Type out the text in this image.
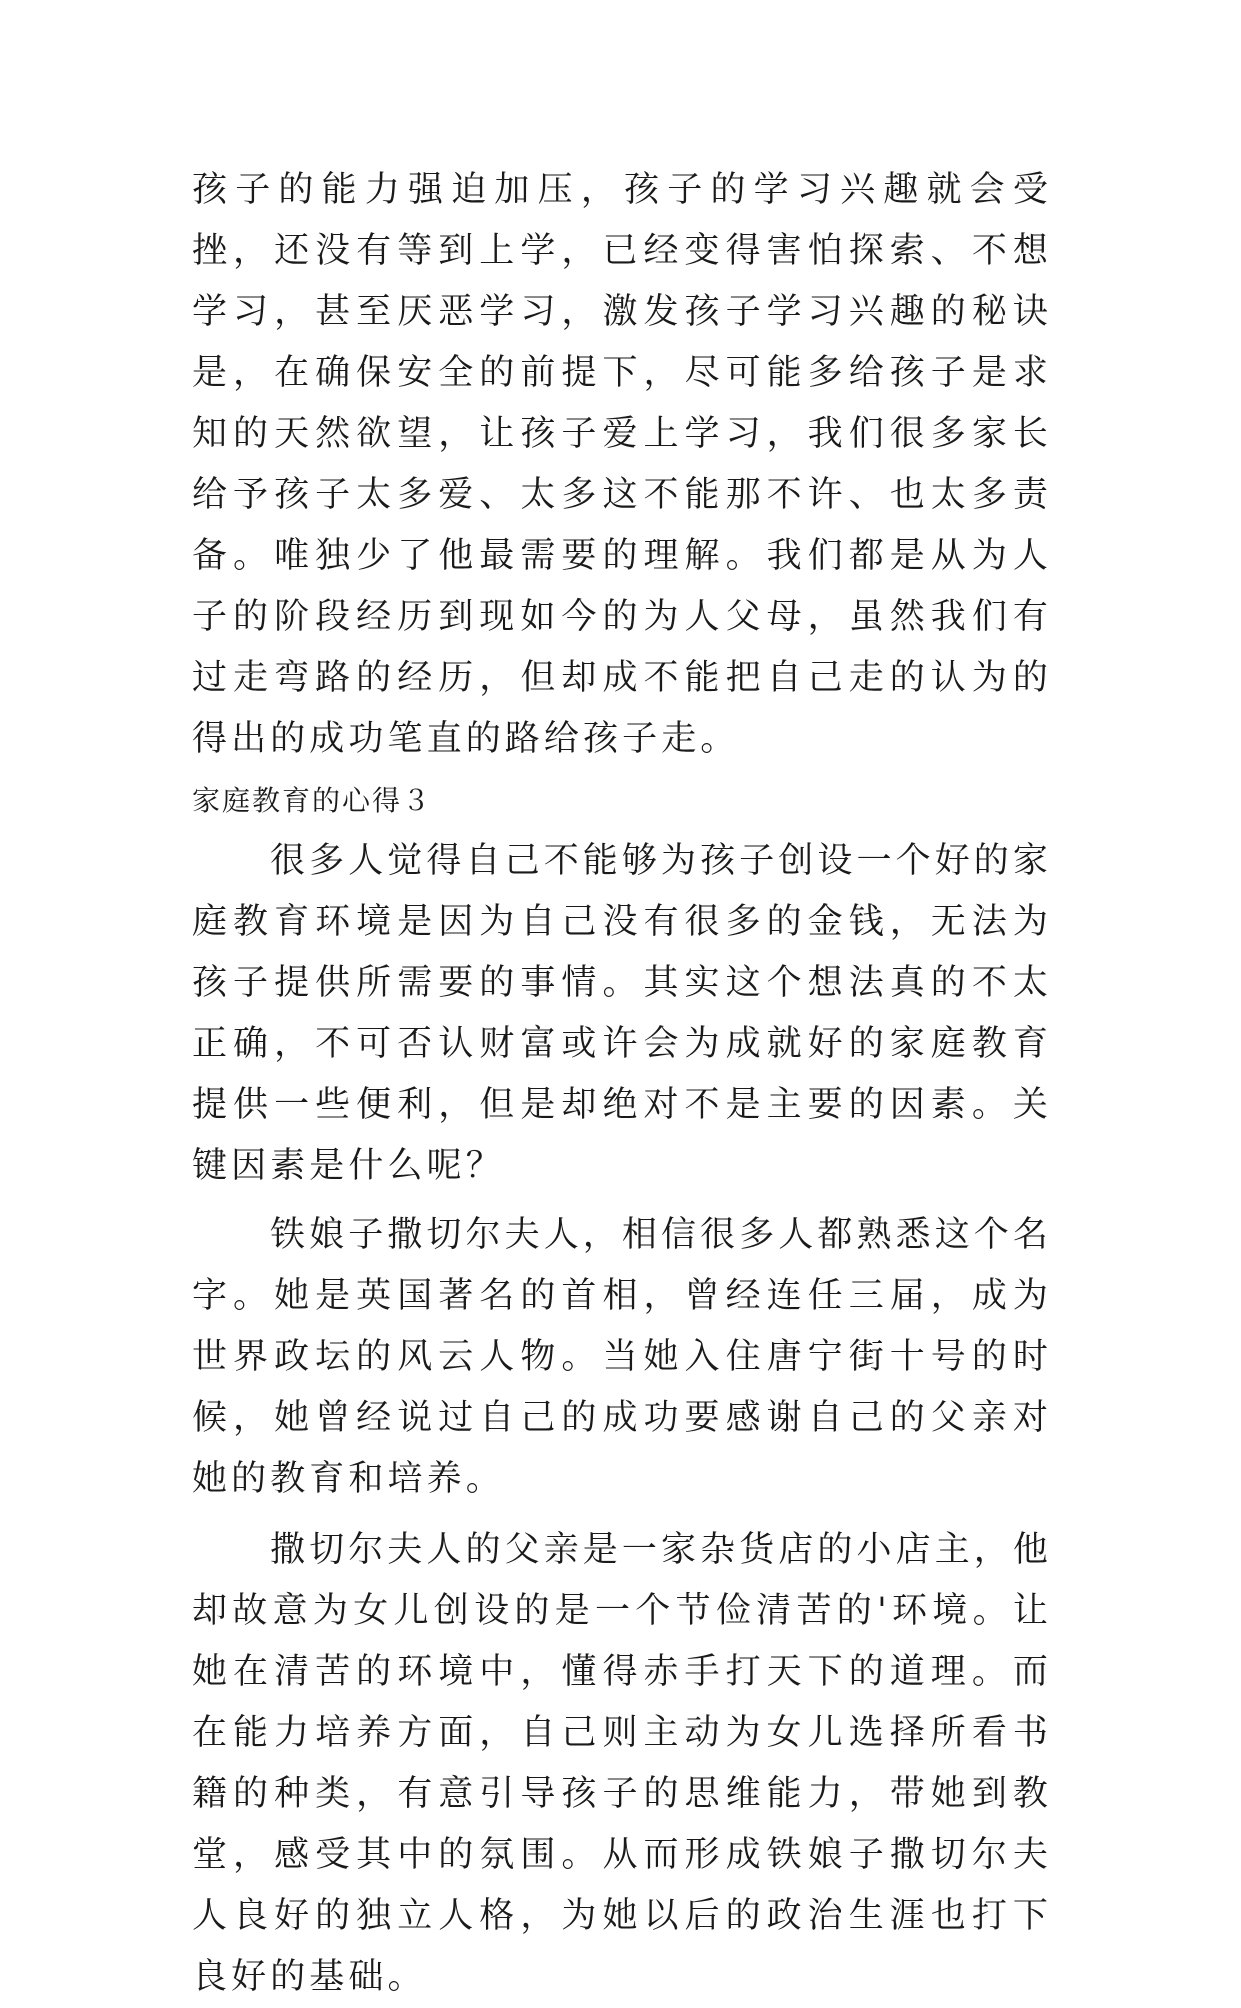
孩子的能力强迫加压，孩子的学习兴趣就会受挫，还没有等到上学，已经变得害怕探索、不想学习，甚至厌恶学习，激发孩子学习兴趣的秘诀是，在确保安全的前提下，尽可能多给孩子是求知的天然欲望，让孩子爱上学习，我们很多家长给予孩子太多爱、太多这不能那不许、也太多责备。唯独少了他最需要的理解。我们都是从为人子的阶段经历到现如今的为人父母，虽然我们有过走弯路的经历，但却成不能把自己走的认为的得出的成功笔直的路给孩子走。

家庭教育的心得３

很多人觉得自己不能够为孩子创设一个好的家庭教育环境是因为自己没有很多的金钱，无法为孩子提供所需要的事情。其实这个想法真的不太正确，不可否认财富或许会为成就好的家庭教育提供一些便利，但是却绝对不是主要的因素。关键因素是什么呢？

铁娘子撒切尔夫人，相信很多人都熟悉这个名字。她是英国著名的首相，曾经连任三届，成为世界政坛的风云人物。当她入住唐宁街十号的时候，她曾经说过自己的成功要感谢自己的父亲对她的教育和培养。

撒切尔夫人的父亲是一家杂货店的小店主，他却故意为女儿创设的是一个节俭清苦的'环境。让她在清苦的环境中，懂得赤手打天下的道理。而在能力培养方面，自己则主动为女儿选择所看书籍的种类，有意引导孩子的思维能力，带她到教堂，感受其中的氛围。从而形成铁娘子撒切尔夫人良好的独立人格，为她以后的政治生涯也打下良好的基础。
